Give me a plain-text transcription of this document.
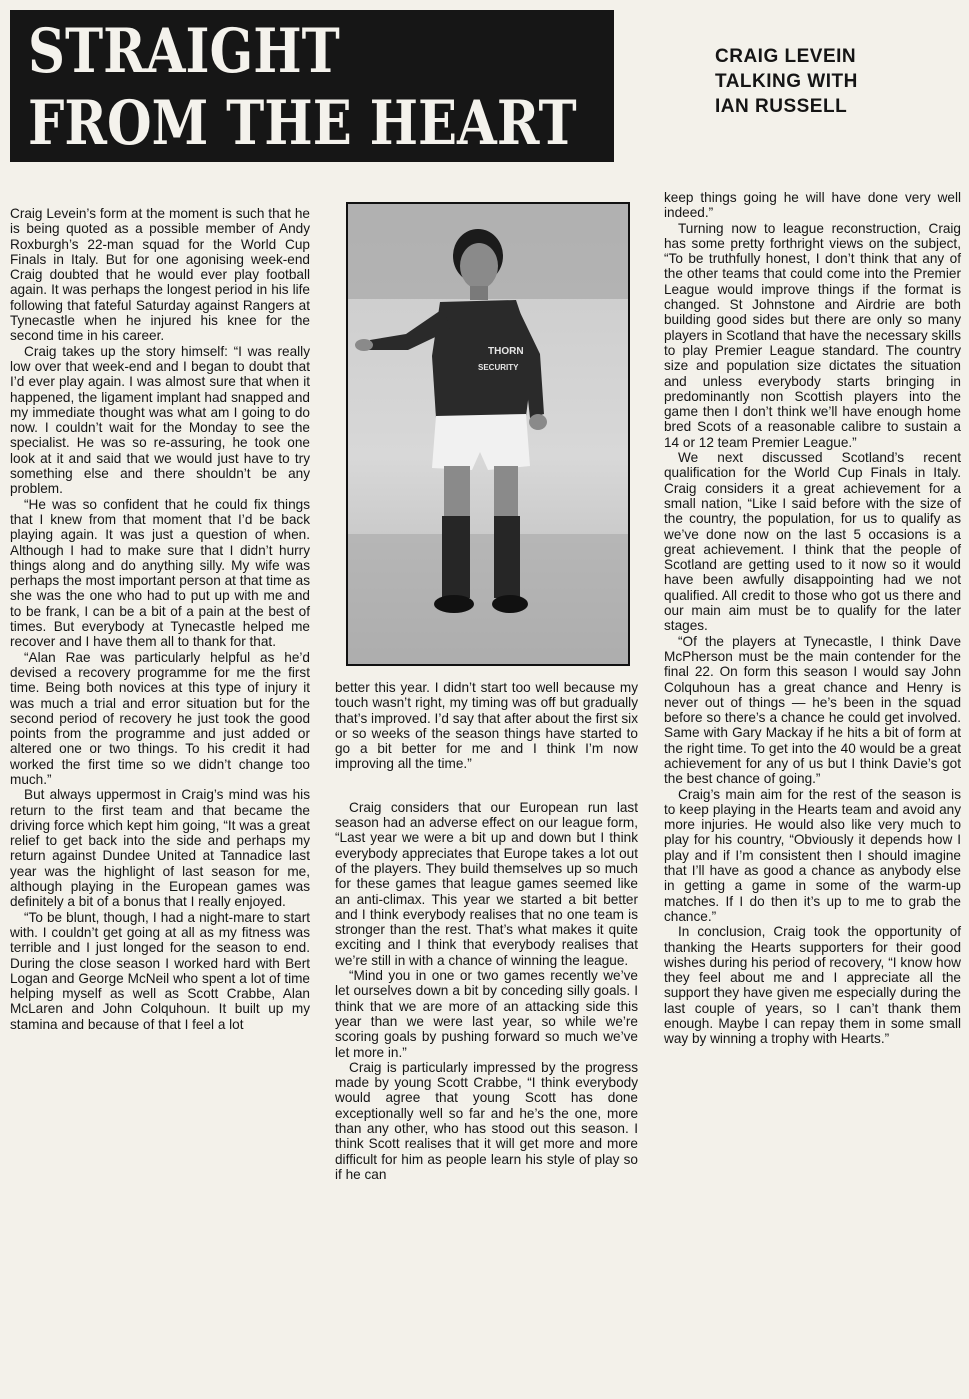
STRAIGHT
FROM THE HEART
CRAIG LEVEIN
TALKING WITH
IAN RUSSELL
THORN
SECURITY

Craig Levein’s form at the moment is such that he is being quoted as a possible member of Andy Roxburgh’s 22-man squad for the World Cup Finals in Italy. But for one agonising week-end Craig doubted that he would ever play football again. It was perhaps the longest period in his life following that fateful Saturday against Rangers at Tynecastle when he injured his knee for the second time in his career.

Craig takes up the story himself: “I was really low over that week-end and I began to doubt that I’d ever play again. I was almost sure that when it happened, the ligament implant had snapped and my immediate thought was what am I going to do now. I couldn’t wait for the Monday to see the specialist. He was so re-assuring, he took one look at it and said that we would just have to try something else and there shouldn’t be any problem.

“He was so confident that he could fix things that I knew from that moment that I’d be back playing again. It was just a question of when. Although I had to make sure that I didn’t hurry things along and do anything silly. My wife was perhaps the most important person at that time as she was the one who had to put up with me and to be frank, I can be a bit of a pain at the best of times. But everybody at Tynecastle helped me recover and I have them all to thank for that.

“Alan Rae was particularly helpful as he’d devised a recovery programme for me the first time. Being both novices at this type of injury it was much a trial and error situation but for the second period of recovery he just took the good points from the programme and just added or altered one or two things. To his credit it had worked the first time so we didn’t change too much.”

But always uppermost in Craig’s mind was his return to the first team and that became the driving force which kept him going, “It was a great relief to get back into the side and perhaps my return against Dundee United at Tannadice last year was the highlight of last season for me, although playing in the European games was definitely a bit of a bonus that I really enjoyed.

“To be blunt, though, I had a night-mare to start with. I couldn’t get going at all as my fitness was terrible and I just longed for the season to end. During the close season I worked hard with Bert Logan and George McNeil who spent a lot of time helping myself as well as Scott Crabbe, Alan McLaren and John Colquhoun. It built up my stamina and because of that I feel a lot

better this year. I didn’t start too well because my touch wasn’t right, my timing was off but gradually that’s improved. I’d say that after about the first six or so weeks of the season things have started to go a bit better for me and I think I’m now improving all the time.”

Craig considers that our European run last season had an adverse effect on our league form, “Last year we were a bit up and down but I think everybody appreciates that Europe takes a lot out of the players. They build themselves up so much for these games that league games seemed like an anti-climax. This year we started a bit better and I think everybody realises that no one team is stronger than the rest. That’s what makes it quite exciting and I think that everybody realises that we’re still in with a chance of winning the league.

“Mind you in one or two games recently we’ve let ourselves down a bit by conceding silly goals. I think that we are more of an attacking side this year than we were last year, so while we’re scoring goals by pushing forward so much we’ve let more in.”

Craig is particularly impressed by the progress made by young Scott Crabbe, “I think everybody would agree that young Scott has done exceptionally well so far and he’s the one, more than any other, who has stood out this season. I think Scott realises that it will get more and more difficult for him as people learn his style of play so if he can

keep things going he will have done very well indeed.”

Turning now to league reconstruction, Craig has some pretty forthright views on the subject, “To be truthfully honest, I don’t think that any of the other teams that could come into the Premier League would improve things if the format is changed. St Johnstone and Airdrie are both building good sides but there are only so many players in Scotland that have the necessary skills to play Premier League standard. The country size and population size dictates the situation and unless everybody starts bringing in predominantly non Scottish players into the game then I don’t think we’ll have enough home bred Scots of a reasonable calibre to sustain a 14 or 12 team Premier League.”

We next discussed Scotland’s recent qualification for the World Cup Finals in Italy. Craig considers it a great achievement for a small nation, “Like I said before with the size of the country, the population, for us to qualify as we’ve done now on the last 5 occasions is a great achievement. I think that the people of Scotland are getting used to it now so it would have been awfully disappointing had we not qualified. All credit to those who got us there and our main aim must be to qualify for the later stages.

“Of the players at Tynecastle, I think Dave McPherson must be the main contender for the final 22. On form this season I would say John Colquhoun has a great chance and Henry is never out of things — he’s been in the squad before so there’s a chance he could get involved. Same with Gary Mackay if he hits a bit of form at the right time. To get into the 40 would be a great achievement for any of us but I think Davie’s got the best chance of going.”

Craig’s main aim for the rest of the season is to keep playing in the Hearts team and avoid any more injuries. He would also like very much to play for his country, “Obviously it depends how I play and if I’m consistent then I should imagine that I’ll have as good a chance as anybody else in getting a game in some of the warm-up matches. If I do then it’s up to me to grab the chance.”

In conclusion, Craig took the opportunity of thanking the Hearts supporters for their good wishes during his period of recovery, “I know how they feel about me and I appreciate all the support they have given me especially during the last couple of years, so I can’t thank them enough. Maybe I can repay them in some small way by winning a trophy with Hearts.”
